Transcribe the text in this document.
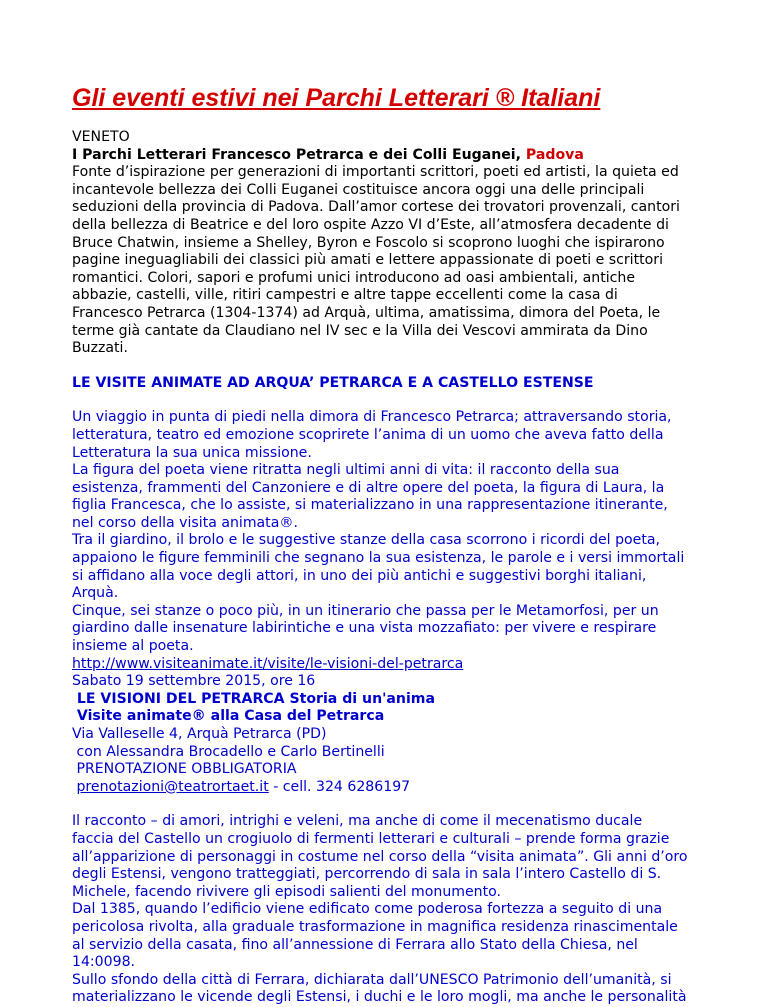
Gli eventi estivi nei Parchi Letterari ® Italiani
VENETO
I Parchi Letterari Francesco Petrarca e dei Colli Euganei, Padova
Fonte d’ispirazione per generazioni di importanti scrittori, poeti ed artisti, la quieta ed
incantevole bellezza dei Colli Euganei costituisce ancora oggi una delle principali
seduzioni della provincia di Padova. Dall’amor cortese dei trovatori provenzali, cantori
della bellezza di Beatrice e del loro ospite Azzo VI d’Este, all’atmosfera decadente di
Bruce Chatwin, insieme a Shelley, Byron e Foscolo si scoprono luoghi che ispirarono
pagine ineguagliabili dei classici più amati e lettere appassionate di poeti e scrittori
romantici. Colori, sapori e profumi unici introducono ad oasi ambientali, antiche
abbazie, castelli, ville, ritiri campestri e altre tappe eccellenti come la casa di
Francesco Petrarca (1304-1374) ad Arquà, ultima, amatissima, dimora del Poeta, le
terme già cantate da Claudiano nel IV sec e la Villa dei Vescovi ammirata da Dino
Buzzati.
LE VISITE ANIMATE AD ARQUA’ PETRARCA E A CASTELLO ESTENSE
Un viaggio in punta di piedi nella dimora di Francesco Petrarca; attraversando storia,
letteratura, teatro ed emozione scoprirete l’anima di un uomo che aveva fatto della
Letteratura la sua unica missione.
La figura del poeta viene ritratta negli ultimi anni di vita: il racconto della sua
esistenza, frammenti del Canzoniere e di altre opere del poeta, la figura di Laura, la
figlia Francesca, che lo assiste, si materializzano in una rappresentazione itinerante,
nel corso della visita animata®.
Tra il giardino, il brolo e le suggestive stanze della casa scorrono i ricordi del poeta,
appaiono le figure femminili che segnano la sua esistenza, le parole e i versi immortali
si affidano alla voce degli attori, in uno dei più antichi e suggestivi borghi italiani,
Arquà.
Cinque, sei stanze o poco più, in un itinerario che passa per le Metamorfosi, per un
giardino dalle insenature labirintiche e una vista mozzafiato: per vivere e respirare
insieme al poeta.
http://www.visiteanimate.it/visite/le-visioni-del-petrarca
Sabato 19 settembre 2015, ore 16
LE VISIONI DEL PETRARCA Storia di un'anima
Visite animate® alla Casa del Petrarca
Via Valleselle 4, Arquà Petrarca (PD)
con Alessandra Brocadello e Carlo Bertinelli
PRENOTAZIONE OBBLIGATORIA
prenotazioni@teatrortaet.it - cell. 324 6286197
Il racconto – di amori, intrighi e veleni, ma anche di come il mecenatismo ducale
faccia del Castello un crogiuolo di fermenti letterari e culturali – prende forma grazie
all’apparizione di personaggi in costume nel corso della “visita animata”. Gli anni d’oro
degli Estensi, vengono tratteggiati, percorrendo di sala in sala l’intero Castello di S.
Michele, facendo rivivere gli episodi salienti del monumento.
Dal 1385, quando l’edificio viene edificato come poderosa fortezza a seguito di una
pericolosa rivolta, alla graduale trasformazione in magnifica residenza rinascimentale
al servizio della casata, fino all’annessione di Ferrara allo Stato della Chiesa, nel
14:0098.
Sullo sfondo della città di Ferrara, dichiarata dall’UNESCO Patrimonio dell’umanità, si
materializzano le vicende degli Estensi, i duchi e le loro mogli, ma anche le personalità
